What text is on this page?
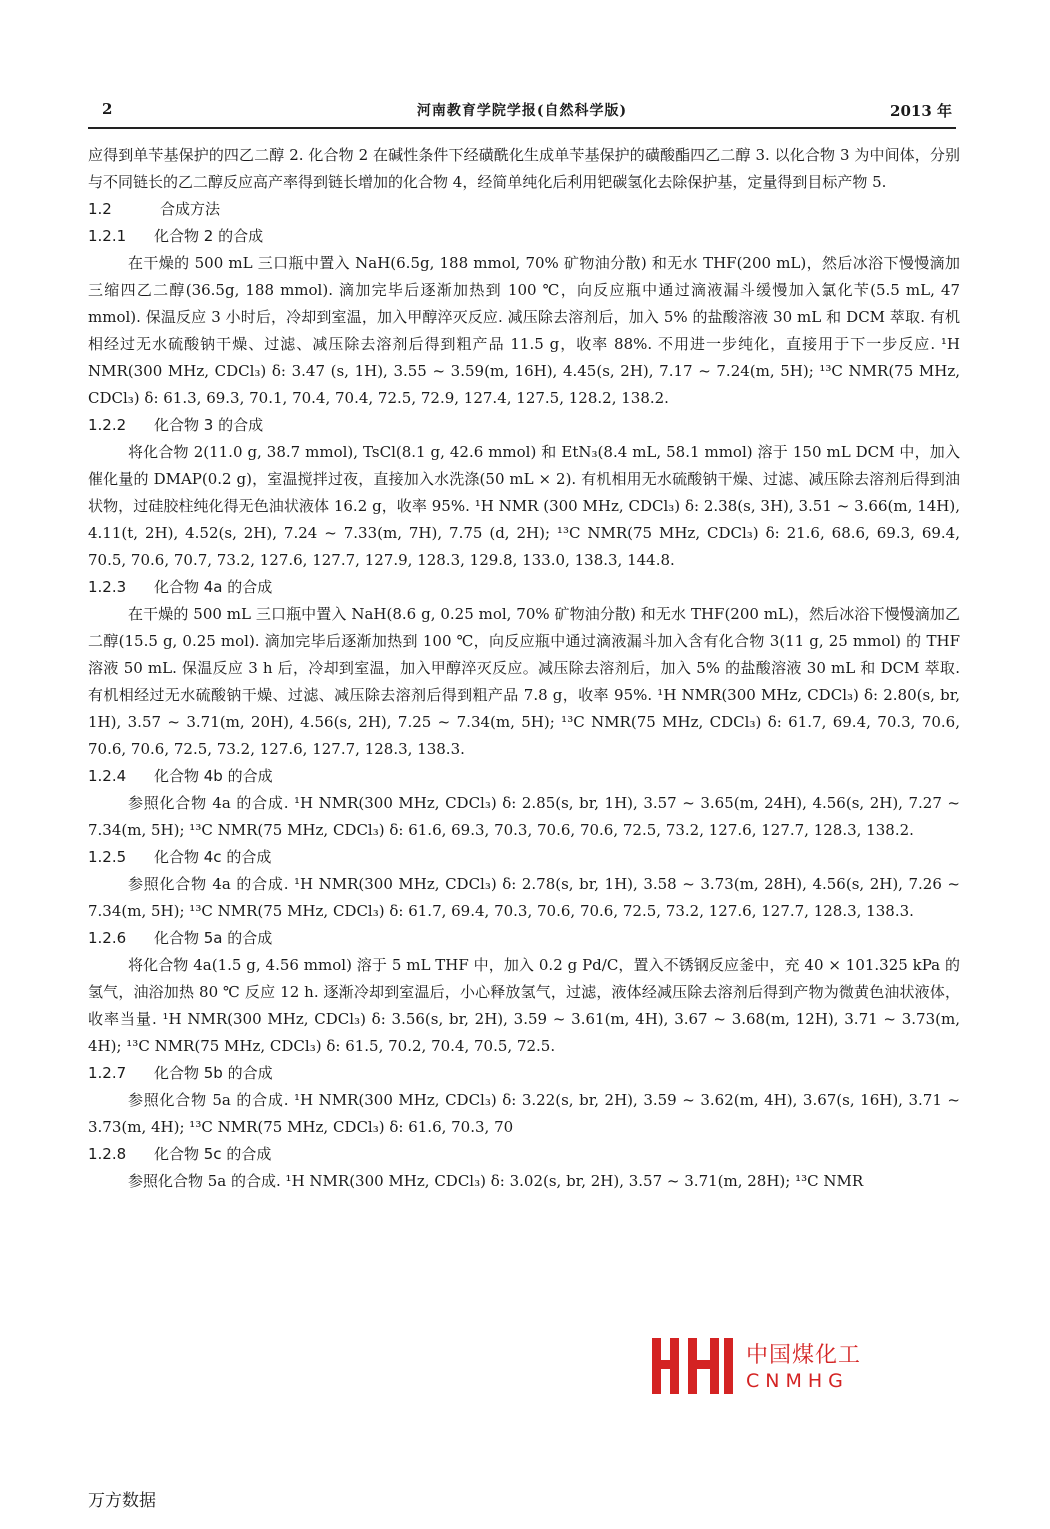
2	河南教育学院学报(自然科学版)	2013 年
应得到单苄基保护的四乙二醇 2. 化合物 2 在碱性条件下经磺酰化生成单苄基保护的磺酸酯四乙二醇 3. 以化合物 3 为中间体，分别与不同链长的乙二醇反应高产率得到链长增加的化合物 4，经简单纯化后利用钯碳氢化去除保护基，定量得到目标产物 5.
1.2	合成方法
1.2.1 化合物 2 的合成
在干燥的 500 mL 三口瓶中置入 NaH(6.5g, 188 mmol, 70% 矿物油分散) 和无水 THF(200 mL)，然后冰浴下慢慢滴加三缩四乙二醇(36.5g, 188 mmol). 滴加完毕后逐渐加热到 100 ℃，向反应瓶中通过滴液漏斗缓慢加入氯化苄(5.5 mL, 47 mmol). 保温反应 3 小时后，冷却到室温，加入甲醇淬灭反应. 减压除去溶剂后，加入 5% 的盐酸溶液 30 mL 和 DCM 萃取. 有机相经过无水硫酸钠干燥、过滤、减压除去溶剂后得到粗产品 11.5 g，收率 88%. 不用进一步纯化，直接用于下一步反应. ¹H NMR(300 MHz, CDCl₃) δ: 3.47 (s, 1H), 3.55 ~ 3.59(m, 16H), 4.45(s, 2H), 7.17 ~ 7.24(m, 5H); ¹³C NMR(75 MHz, CDCl₃) δ: 61.3, 69.3, 70.1, 70.4, 70.4, 72.5, 72.9, 127.4, 127.5, 128.2, 138.2.
1.2.2 化合物 3 的合成
将化合物 2(11.0 g, 38.7 mmol), TsCl(8.1 g, 42.6 mmol) 和 EtN₃(8.4 mL, 58.1 mmol) 溶于 150 mL DCM 中，加入催化量的 DMAP(0.2 g)，室温搅拌过夜，直接加入水洗涤(50 mL × 2). 有机相用无水硫酸钠干燥、过滤、减压除去溶剂后得到油状物，过硅胶柱纯化得无色油状液体 16.2 g，收率 95%. ¹H NMR (300 MHz, CDCl₃) δ: 2.38(s, 3H), 3.51 ~ 3.66(m, 14H), 4.11(t, 2H), 4.52(s, 2H), 7.24 ~ 7.33(m, 7H), 7.75 (d, 2H); ¹³C NMR(75 MHz, CDCl₃) δ: 21.6, 68.6, 69.3, 69.4, 70.5, 70.6, 70.7, 73.2, 127.6, 127.7, 127.9, 128.3, 129.8, 133.0, 138.3, 144.8.
1.2.3 化合物 4a 的合成
在干燥的 500 mL 三口瓶中置入 NaH(8.6 g, 0.25 mol, 70% 矿物油分散) 和无水 THF(200 mL)，然后冰浴下慢慢滴加乙二醇(15.5 g, 0.25 mol). 滴加完毕后逐渐加热到 100 ℃，向反应瓶中通过滴液漏斗加入含有化合物 3(11 g, 25 mmol) 的 THF 溶液 50 mL. 保温反应 3 h 后，冷却到室温，加入甲醇淬灭反应。减压除去溶剂后，加入 5% 的盐酸溶液 30 mL 和 DCM 萃取. 有机相经过无水硫酸钠干燥、过滤、减压除去溶剂后得到粗产品 7.8 g，收率 95%. ¹H NMR(300 MHz, CDCl₃) δ: 2.80(s, br, 1H), 3.57 ~ 3.71(m, 20H), 4.56(s, 2H), 7.25 ~ 7.34(m, 5H); ¹³C NMR(75 MHz, CDCl₃) δ: 61.7, 69.4, 70.3, 70.6, 70.6, 70.6, 72.5, 73.2, 127.6, 127.7, 128.3, 138.3.
1.2.4 化合物 4b 的合成
参照化合物 4a 的合成. ¹H NMR(300 MHz, CDCl₃) δ: 2.85(s, br, 1H), 3.57 ~ 3.65(m, 24H), 4.56(s, 2H), 7.27 ~ 7.34(m, 5H); ¹³C NMR(75 MHz, CDCl₃) δ: 61.6, 69.3, 70.3, 70.6, 70.6, 72.5, 73.2, 127.6, 127.7, 128.3, 138.2.
1.2.5 化合物 4c 的合成
参照化合物 4a 的合成. ¹H NMR(300 MHz, CDCl₃) δ: 2.78(s, br, 1H), 3.58 ~ 3.73(m, 28H), 4.56(s, 2H), 7.26 ~ 7.34(m, 5H); ¹³C NMR(75 MHz, CDCl₃) δ: 61.7, 69.4, 70.3, 70.6, 70.6, 72.5, 73.2, 127.6, 127.7, 128.3, 138.3.
1.2.6 化合物 5a 的合成
将化合物 4a(1.5 g, 4.56 mmol) 溶于 5 mL THF 中，加入 0.2 g Pd/C，置入不锈钢反应釜中，充 40 × 101.325 kPa 的氢气，油浴加热 80 ℃ 反应 12 h. 逐渐冷却到室温后，小心释放氢气，过滤，液体经减压除去溶剂后得到产物为微黄色油状液体，收率当量. ¹H NMR(300 MHz, CDCl₃) δ: 3.56(s, br, 2H), 3.59 ~ 3.61(m, 4H), 3.67 ~ 3.68(m, 12H), 3.71 ~ 3.73(m, 4H); ¹³C NMR(75 MHz, CDCl₃) δ: 61.5, 70.2, 70.4, 70.5, 72.5.
1.2.7 化合物 5b 的合成
参照化合物 5a 的合成. ¹H NMR(300 MHz, CDCl₃) δ: 3.22(s, br, 2H), 3.59 ~ 3.62(m, 4H), 3.67(s, 16H), 3.71 ~ 3.73(m, 4H); ¹³C NMR(75 MHz, CDCl₃) δ: 61.6, 70.3, 70
1.2.8 化合物 5c 的合成
参照化合物 5a 的合成. ¹H NMR(300 MHz, CDCl₃) δ: 3.02(s, br, 2H), 3.57 ~ 3.71(m, 28H); ¹³C NMR
中国煤化工
CNMHG
万方数据
